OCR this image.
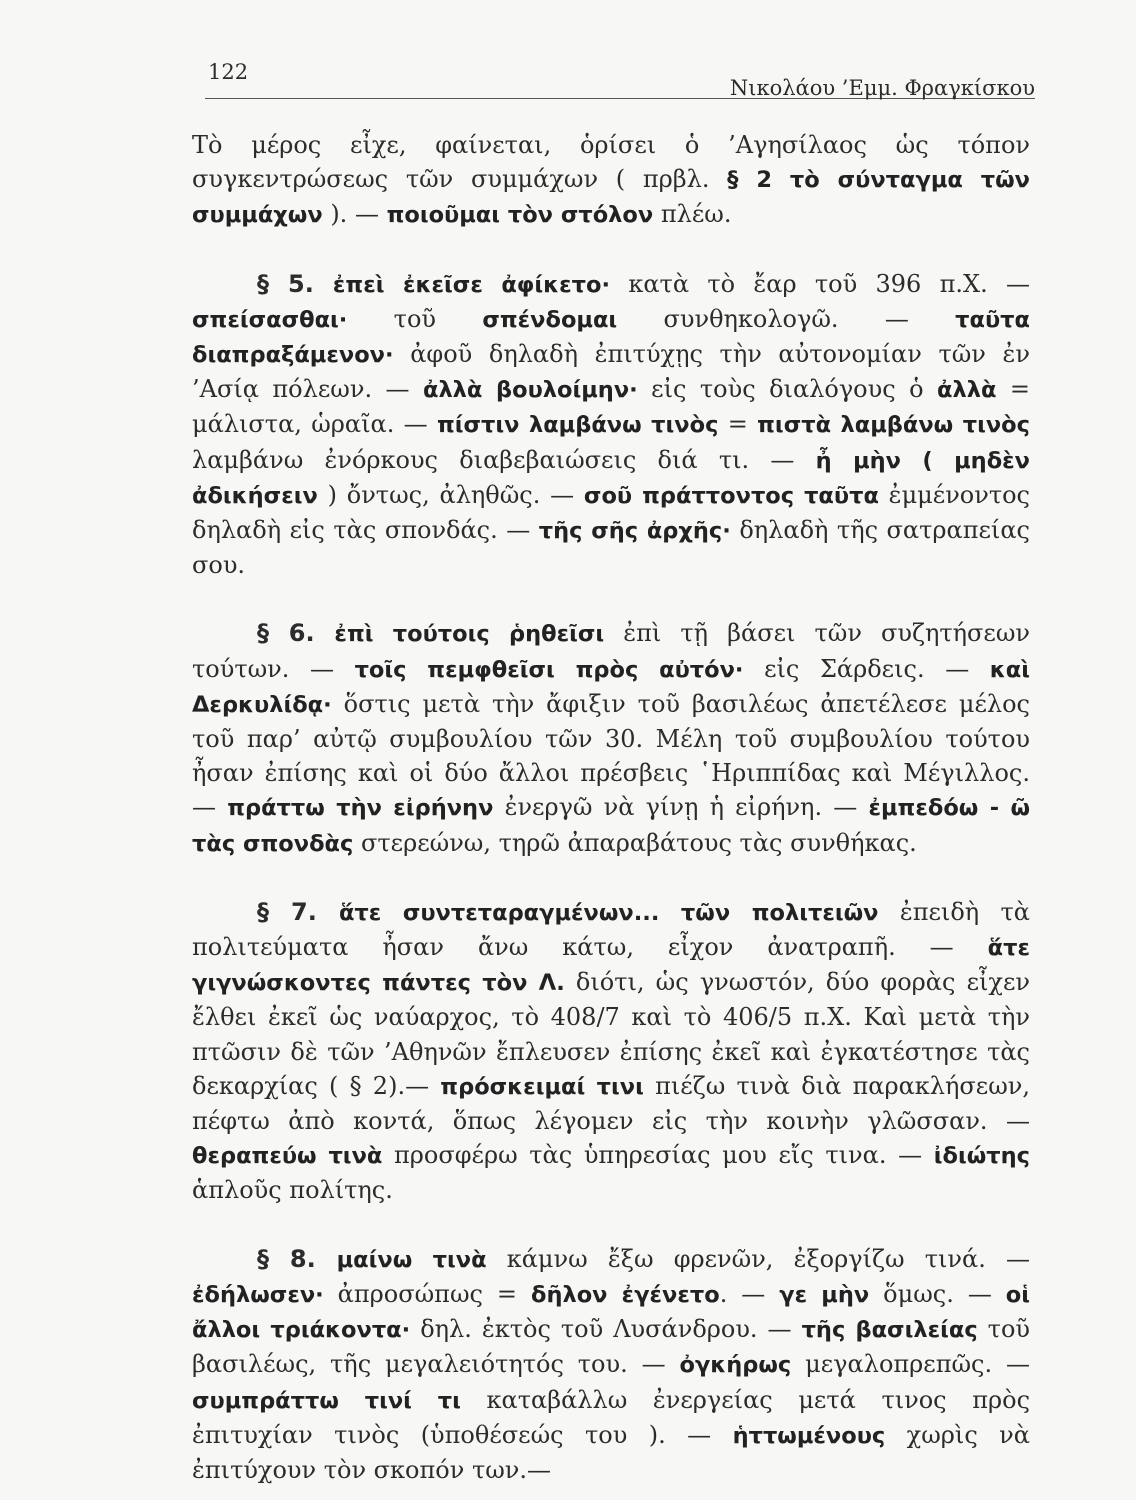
122
Νικολάου ’Εμμ. Φραγκίσκου

Τὸ μέρος εἶχε, φαίνεται, ὁρίσει ὁ ’Αγησίλαος ὡς τόπον συγκεντρώσεως τῶν συμμάχων ( πρβλ. § 2 τὸ σύνταγμα τῶν συμμάχων ). — ποιοῦμαι τὸν στόλον πλέω.

§ 5. ἐπεὶ ἐκεῖσε ἀφίκετο· κατὰ τὸ ἔαρ τοῦ 396 π.Χ. — σπείσασθαι· τοῦ σπένδομαι συνθηκολογῶ. — ταῦτα διαπραξάμενον· ἀφοῦ δηλαδὴ ἐπιτύχῃς τὴν αὐτονομίαν τῶν ἐν ’Ασίᾳ πόλεων. — ἀλλὰ βουλοίμην· εἰς τοὺς διαλόγους ὁ ἀλλὰ = μάλιστα, ὡραῖα. — πίστιν λαμβάνω τινὸς = πιστὰ λαμβάνω τινὸς λαμβάνω ἐνόρκους διαβεβαιώσεις διά τι. — ἦ μὴν ( μηδὲν ἀδικήσειν ) ὄντως, ἀληθῶς. — σοῦ πράττοντος ταῦτα ἐμμένοντος δηλαδὴ εἰς τὰς σπονδάς. — τῆς σῆς ἀρχῆς· δηλαδὴ τῆς σατραπείας σου.

§ 6. ἐπὶ τούτοις ῥηθεῖσι ἐπὶ τῇ βάσει τῶν συζητήσεων τούτων. — τοῖς πεμφθεῖσι πρὸς αὐτόν· εἰς Σάρδεις. — καὶ Δερκυλίδᾳ· ὅστις μετὰ τὴν ἄφιξιν τοῦ βασιλέως ἀπετέλεσε μέλος τοῦ παρ’ αὐτῷ συμβουλίου τῶν 30. Μέλη τοῦ συμβουλίου τούτου ἦσαν ἐπίσης καὶ οἱ δύο ἄλλοι πρέσβεις ῾Ηριππίδας καὶ Μέγιλλος. — πράττω τὴν εἰρήνην ἐνεργῶ νὰ γίνῃ ἡ εἰρήνη. — ἐμπεδόω - ῶ τὰς σπονδὰς στερεώνω, τηρῶ ἀπαραβάτους τὰς συνθήκας.

§ 7. ἅτε συντεταραγμένων... τῶν πολιτειῶν ἐπειδὴ τὰ πολιτεύματα ἦσαν ἄνω κάτω, εἶχον ἀνατραπῆ. — ἅτε γιγνώσκοντες πάντες τὸν Λ. διότι, ὡς γνωστόν, δύο φορὰς εἶχεν ἔλθει ἐκεῖ ὡς ναύαρχος, τὸ 408/7 καὶ τὸ 406/5 π.Χ. Καὶ μετὰ τὴν πτῶσιν δὲ τῶν ’Αθηνῶν ἔπλευσεν ἐπίσης ἐκεῖ καὶ ἐγκατέστησε τὰς δεκαρχίας ( § 2).— πρόσκειμαί τινι πιέζω τινὰ διὰ παρακλήσεων, πέφτω ἀπὸ κοντά, ὅπως λέγομεν εἰς τὴν κοινὴν γλῶσσαν. — θεραπεύω τινὰ προσφέρω τὰς ὑπηρεσίας μου εἴς τινα. — ἰδιώτης ἁπλοῦς πολίτης.

§ 8. μαίνω τινὰ κάμνω ἔξω φρενῶν, ἐξοργίζω τινά. — ἐδήλωσεν· ἀπροσώπως = δῆλον ἐγένετο. — γε μὴν ὅμως. — οἱ ἄλλοι τριάκοντα· δηλ. ἐκτὸς τοῦ Λυσάνδρου. — τῆς βασιλείας τοῦ βασιλέως, τῆς μεγαλειότητός του. — ὀγκήρως μεγαλοπρεπῶς. — συμπράττω τινί τι καταβάλλω ἐνεργείας μετά τινος πρὸς ἐπιτυχίαν τινὸς (ὑποθέσεώς του ). — ἡττωμένους χωρὶς νὰ ἐπιτύχουν τὸν σκοπόν των.—
